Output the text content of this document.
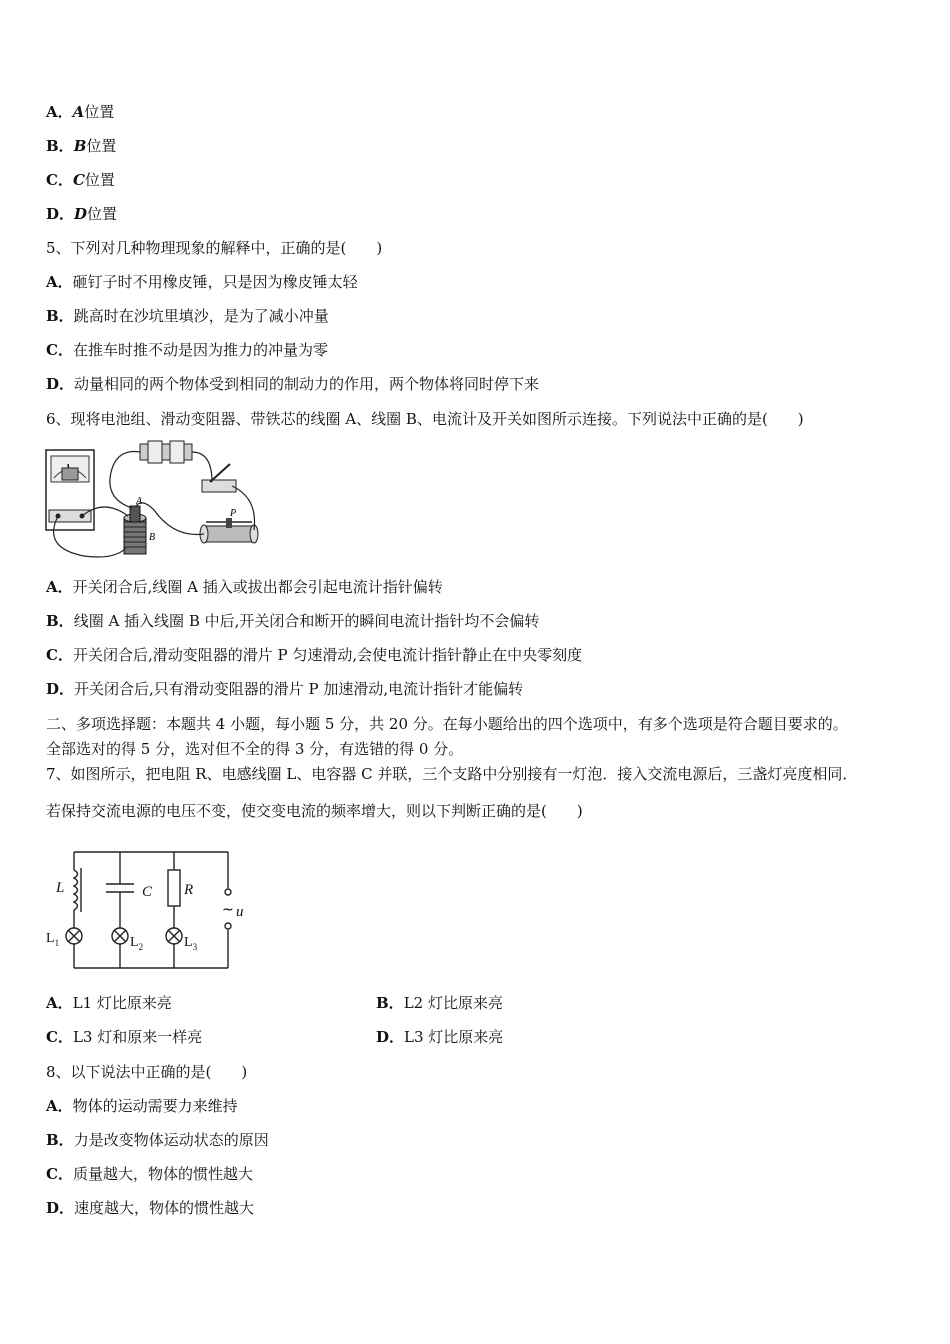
A．A位置
B．B位置
C．C位置
D．D位置
5、下列对几种物理现象的解释中，正确的是(　　)
A．砸钉子时不用橡皮锤，只是因为橡皮锤太轻
B．跳高时在沙坑里填沙，是为了减小冲量
C．在推车时推不动是因为推力的冲量为零
D．动量相同的两个物体受到相同的制动力的作用，两个物体将同时停下来
6、现将电池组、滑动变阻器、带铁芯的线圈 A、线圈 B、电流计及开关如图所示连接。下列说法中正确的是(　　)
A
B
P
A．开关闭合后,线圈 A 插入或拔出都会引起电流计指针偏转
B．线圈 A 插入线圈 B 中后,开关闭合和断开的瞬间电流计指针均不会偏转
C．开关闭合后,滑动变阻器的滑片 P 匀速滑动,会使电流计指针静止在中央零刻度
D．开关闭合后,只有滑动变阻器的滑片 P 加速滑动,电流计指针才能偏转
二、多项选择题：本题共 4 小题，每小题 5 分，共 20 分。在每小题给出的四个选项中，有多个选项是符合题目要求的。
全部选对的得 5 分，选对但不全的得 3 分，有选错的得 0 分。
7、如图所示，把电阻 R、电感线圈 L、电容器 C 并联，三个支路中分别接有一灯泡．接入交流电源后，三盏灯亮度相同．
若保持交流电源的电压不变，使交变电流的频率增大，则以下判断正确的是(　　)
L	C R
u
~
$L_1$	$L_2$	$L_3$
A．L1 灯比原来亮	B．L2 灯比原来亮
C．L3 灯和原来一样亮	D．L3 灯比原来亮
8、以下说法中正确的是(　　)
A．物体的运动需要力来维持
B．力是改变物体运动状态的原因
C．质量越大，物体的惯性越大
D．速度越大，物体的惯性越大
